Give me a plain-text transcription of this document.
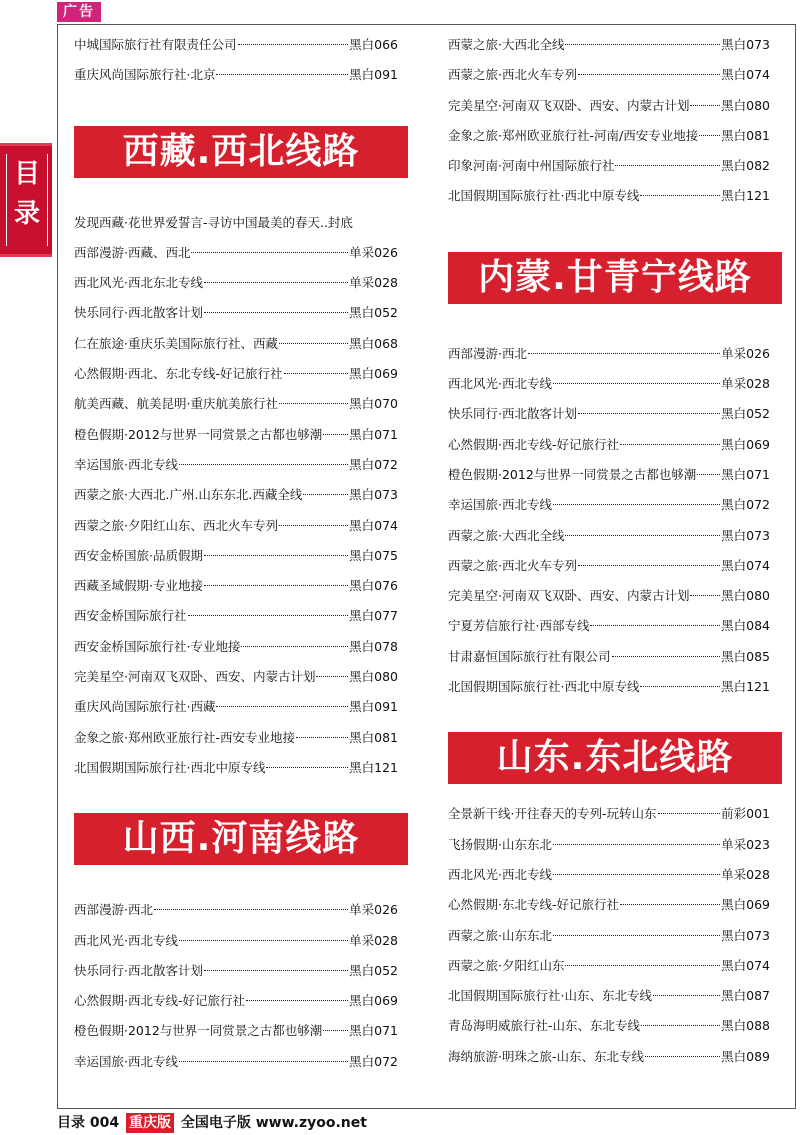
广告
目
录
中城国际旅行社有限责任公司	黑白066
重庆风尚国际旅行社·北京	黑白091
西藏.西北线路
发现西藏·花世界爱誓言-寻访中国最美的春天..封底
西部漫游·西藏、西北	单采026
西北风光·西北东北专线	单采028
快乐同行·西北散客计划	黑白052
仁在旅途·重庆乐美国际旅行社、西藏	黑白068
心然假期·西北、东北专线-好记旅行社	黑白069
航美西藏、航美昆明·重庆航美旅行社	黑白070
橙色假期·2012与世界一同赏景之古都也够潮 黑白071
幸运国旅·西北专线	黑白072
西蒙之旅·大西北.广州.山东东北.西藏全线	黑白073
西蒙之旅·夕阳红山东、西北火车专列	黑白074
西安金桥国旅·品质假期	黑白075
西藏圣域假期·专业地接	黑白076
西安金桥国际旅行社	黑白077
西安金桥国际旅行社·专业地接	黑白078
完美星空·河南双飞双卧、西安、内蒙古计划	黑白080
重庆风尚国际旅行社·西藏	黑白091
金象之旅·郑州欧亚旅行社-西安专业地接	黑白081
北国假期国际旅行社·西北中原专线	黑白121
山西.河南线路
西部漫游·西北	单采026
西北风光·西北专线	单采028
快乐同行·西北散客计划	黑白052
心然假期·西北专线-好记旅行社	黑白069
橙色假期·2012与世界一同赏景之古都也够潮 黑白071
幸运国旅·西北专线	黑白072
西蒙之旅·大西北全线	黑白073
西蒙之旅·西北火车专列	黑白074
完美星空·河南双飞双卧、西安、内蒙古计划	黑白080
金象之旅·郑州欧亚旅行社-河南/西安专业地接 黑白081
印象河南·河南中州国际旅行社	黑白082
北国假期国际旅行社·西北中原专线	黑白121
内蒙.甘青宁线路
西部漫游·西北	单采026
西北风光·西北专线	单采028
快乐同行·西北散客计划	黑白052
心然假期·西北专线-好记旅行社	黑白069
橙色假期·2012与世界一同赏景之古都也够潮 黑白071
幸运国旅·西北专线	黑白072
西蒙之旅·大西北全线	黑白073
西蒙之旅·西北火车专列	黑白074
完美星空·河南双飞双卧、西安、内蒙古计划	黑白080
宁夏芳信旅行社·西部专线	黑白084
甘肃嘉恒国际旅行社有限公司	黑白085
北国假期国际旅行社·西北中原专线	黑白121
山东.东北线路
全景新干线·开往春天的专列-玩转山东	前彩001
飞扬假期·山东东北	单采023
西北风光·西北专线	单采028
心然假期·东北专线-好记旅行社	黑白069
西蒙之旅·山东东北	黑白073
西蒙之旅·夕阳红山东	黑白074
北国假期国际旅行社·山东、东北专线	黑白087
青岛海明威旅行社-山东、东北专线	黑白088
海纳旅游·明珠之旅-山东、东北专线	黑白089
目录 004 重庆版 全国电子版 www.zyoo.net
